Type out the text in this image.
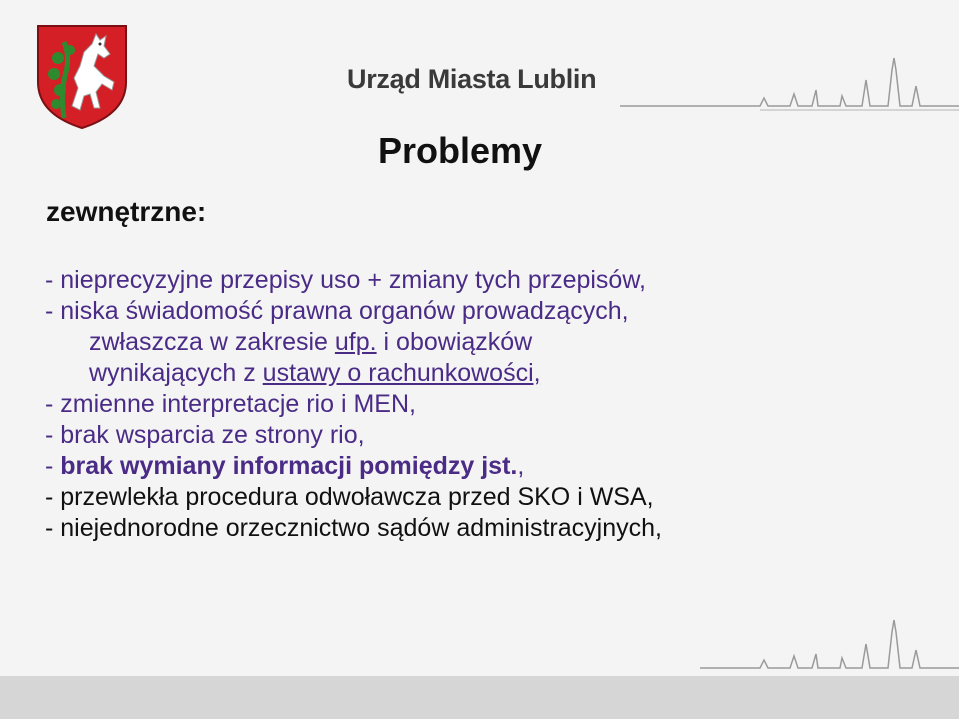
Urząd Miasta Lublin
Problemy
zewnętrzne:
- nieprecyzyjne przepisy uso + zmiany tych przepisów,
- niska świadomość prawna organów prowadzących,
zwłaszcza w zakresie ufp. i obowiązków
wynikających z ustawy o rachunkowości,
- zmienne interpretacje rio i MEN,
- brak wsparcia ze strony rio,
- brak wymiany informacji pomiędzy jst.,
- przewlekła procedura odwoławcza przed SKO i WSA,
- niejednorodne orzecznictwo sądów administracyjnych,
